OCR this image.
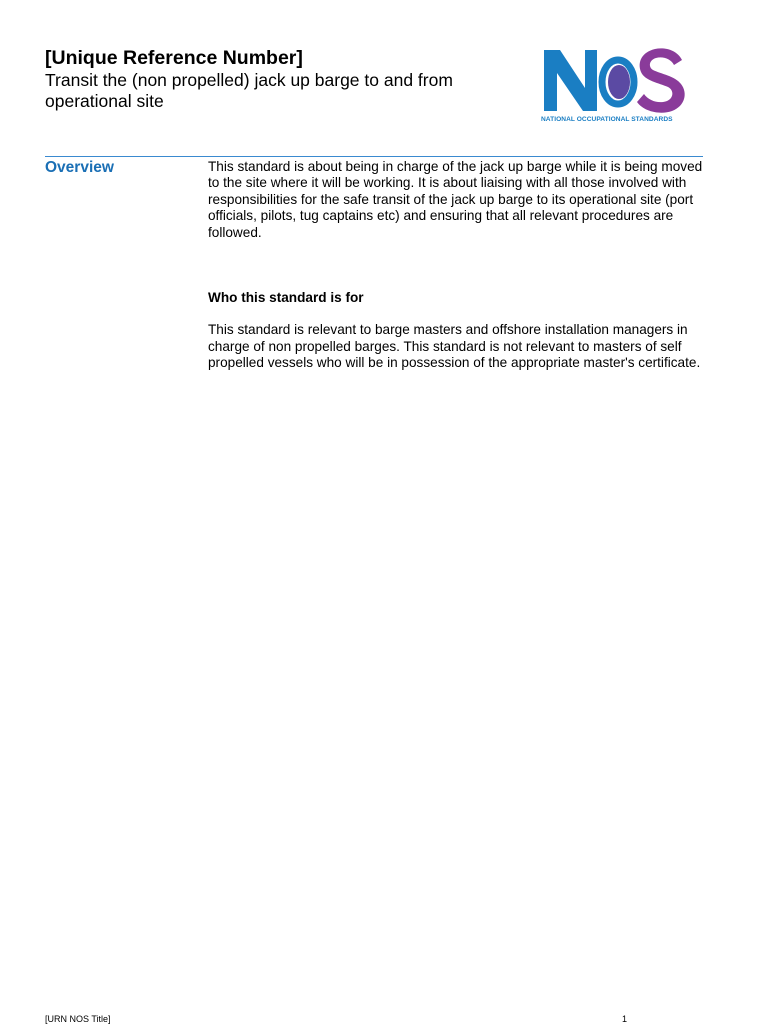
[Unique Reference Number]

Transit the (non propelled) jack up barge to and from

operational site

NATIONAL OCCUPATIONAL STANDARDS
Overview	This standard is about being in charge of the jack up barge while it is being moved to the site where it will be working. It is about liaising with all those involved with responsibilities for the safe transit of the jack up barge to its operational site (port officials, pilots, tug captains etc) and ensuring that all relevant procedures are followed.

Who this standard is for

This standard is relevant to barge masters and offshore installation managers in charge of non propelled barges. This standard is not relevant to masters of self propelled vessels who will be in possession of the appropriate master's certificate.

[URN NOS Title]	1
